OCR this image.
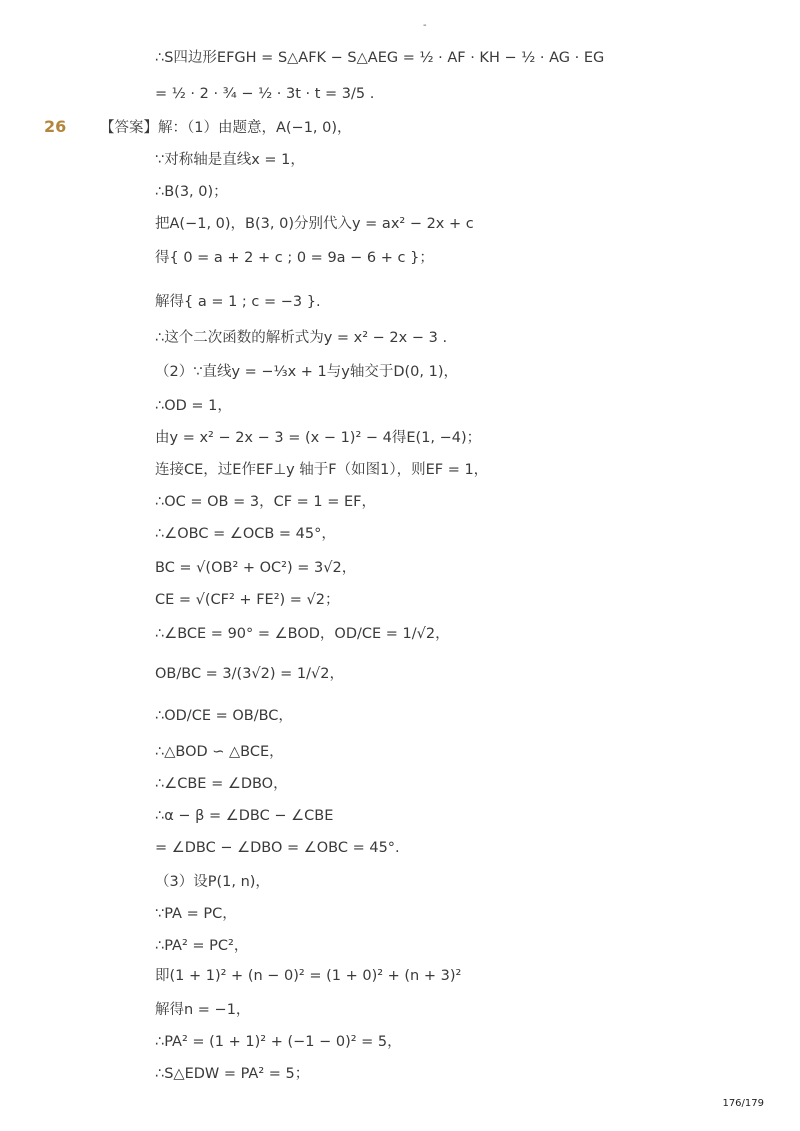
-
26
∴S四边形EFGH = S△AFK − S△AEG = ½ · AF · KH − ½ · AG · EG
= ½ · 2 · ¾ − ½ · 3t · t = 3/5 .
【答案】解：（1）由题意，A(−1, 0)，
∵对称轴是直线x = 1，
∴B(3, 0)；
把A(−1, 0)，B(3, 0)分别代入y = ax² − 2x + c
得{ 0 = a + 2 + c ; 0 = 9a − 6 + c }；
解得{ a = 1 ; c = −3 }.
∴这个二次函数的解析式为y = x² − 2x − 3 .
（2）∵直线y = −⅓x + 1与y轴交于D(0, 1)，
∴OD = 1，
由y = x² − 2x − 3 = (x − 1)² − 4得E(1, −4)；
连接CE，过E作EF⊥y 轴于F（如图1），则EF = 1，
∴OC = OB = 3，CF = 1 = EF，
∴∠OBC = ∠OCB = 45°，
BC = √(OB² + OC²) = 3√2，
CE = √(CF² + FE²) = √2；
∴∠BCE = 90° = ∠BOD，OD/CE = 1/√2，
OB/BC = 3/(3√2) = 1/√2，
∴OD/CE = OB/BC，
∴△BOD ∽ △BCE，
∴∠CBE = ∠DBO，
∴α − β = ∠DBC − ∠CBE
= ∠DBC − ∠DBO = ∠OBC = 45°.
（3）设P(1, n)，
∵PA = PC，
∴PA² = PC²，
即(1 + 1)² + (n − 0)² = (1 + 0)² + (n + 3)²
解得n = −1，
∴PA² = (1 + 1)² + (−1 − 0)² = 5，
∴S△EDW = PA² = 5；
176/179
